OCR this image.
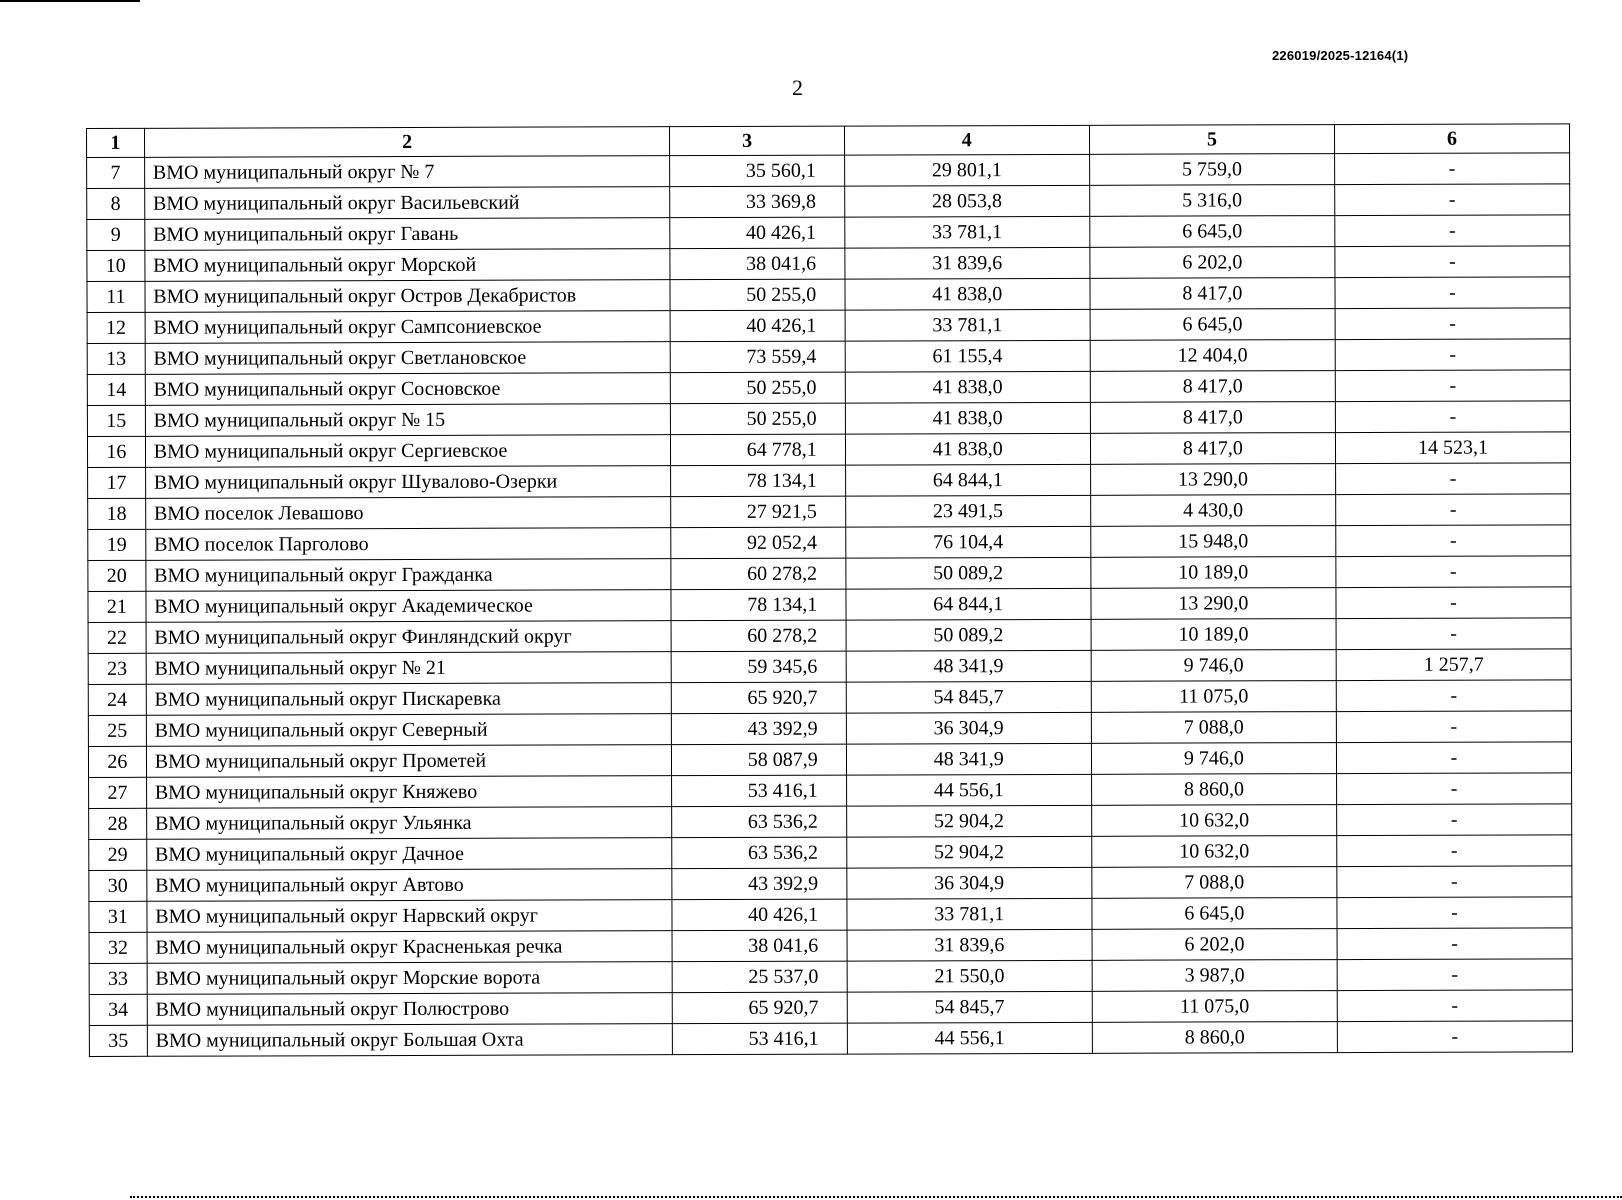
226019/2025-12164(1)
2
1	2	3	4	5	6
7	ВМО муниципальный округ № 7	35 560,1	29 801,1	5 759,0	-
8	ВМО муниципальный округ Васильевский	33 369,8	28 053,8	5 316,0	-
9	ВМО муниципальный округ Гавань	40 426,1	33 781,1	6 645,0	-
10	ВМО муниципальный округ Морской	38 041,6	31 839,6	6 202,0	-
11	ВМО муниципальный округ Остров Декабристов	50 255,0	41 838,0	8 417,0	-
12	ВМО муниципальный округ Сампсониевское	40 426,1	33 781,1	6 645,0	-
13	ВМО муниципальный округ Светлановское	73 559,4	61 155,4	12 404,0	-
14	ВМО муниципальный округ Сосновское	50 255,0	41 838,0	8 417,0	-
15	ВМО муниципальный округ № 15	50 255,0	41 838,0	8 417,0	-
16	ВМО муниципальный округ Сергиевское	64 778,1	41 838,0	8 417,0	14 523,1
17	ВМО муниципальный округ Шувалово-Озерки	78 134,1	64 844,1	13 290,0	-
18	ВМО поселок Левашово	27 921,5	23 491,5	4 430,0	-
19	ВМО поселок Парголово	92 052,4	76 104,4	15 948,0	-
20	ВМО муниципальный округ Гражданка	60 278,2	50 089,2	10 189,0	-
21	ВМО муниципальный округ Академическое	78 134,1	64 844,1	13 290,0	-
22	ВМО муниципальный округ Финляндский округ	60 278,2	50 089,2	10 189,0	-
23	ВМО муниципальный округ № 21	59 345,6	48 341,9	9 746,0	1 257,7
24	ВМО муниципальный округ Пискаревка	65 920,7	54 845,7	11 075,0	-
25	ВМО муниципальный округ Северный	43 392,9	36 304,9	7 088,0	-
26	ВМО муниципальный округ Прометей	58 087,9	48 341,9	9 746,0	-
27	ВМО муниципальный округ Княжево	53 416,1	44 556,1	8 860,0	-
28	ВМО муниципальный округ Ульянка	63 536,2	52 904,2	10 632,0	-
29	ВМО муниципальный округ Дачное	63 536,2	52 904,2	10 632,0	-
30	ВМО муниципальный округ Автово	43 392,9	36 304,9	7 088,0	-
31	ВМО муниципальный округ Нарвский округ	40 426,1	33 781,1	6 645,0	-
32	ВМО муниципальный округ Красненькая речка	38 041,6	31 839,6	6 202,0	-
33	ВМО муниципальный округ Морские ворота	25 537,0	21 550,0	3 987,0	-
34	ВМО муниципальный округ Полюстрово	65 920,7	54 845,7	11 075,0	-
35	ВМО муниципальный округ Большая Охта	53 416,1	44 556,1	8 860,0	-
